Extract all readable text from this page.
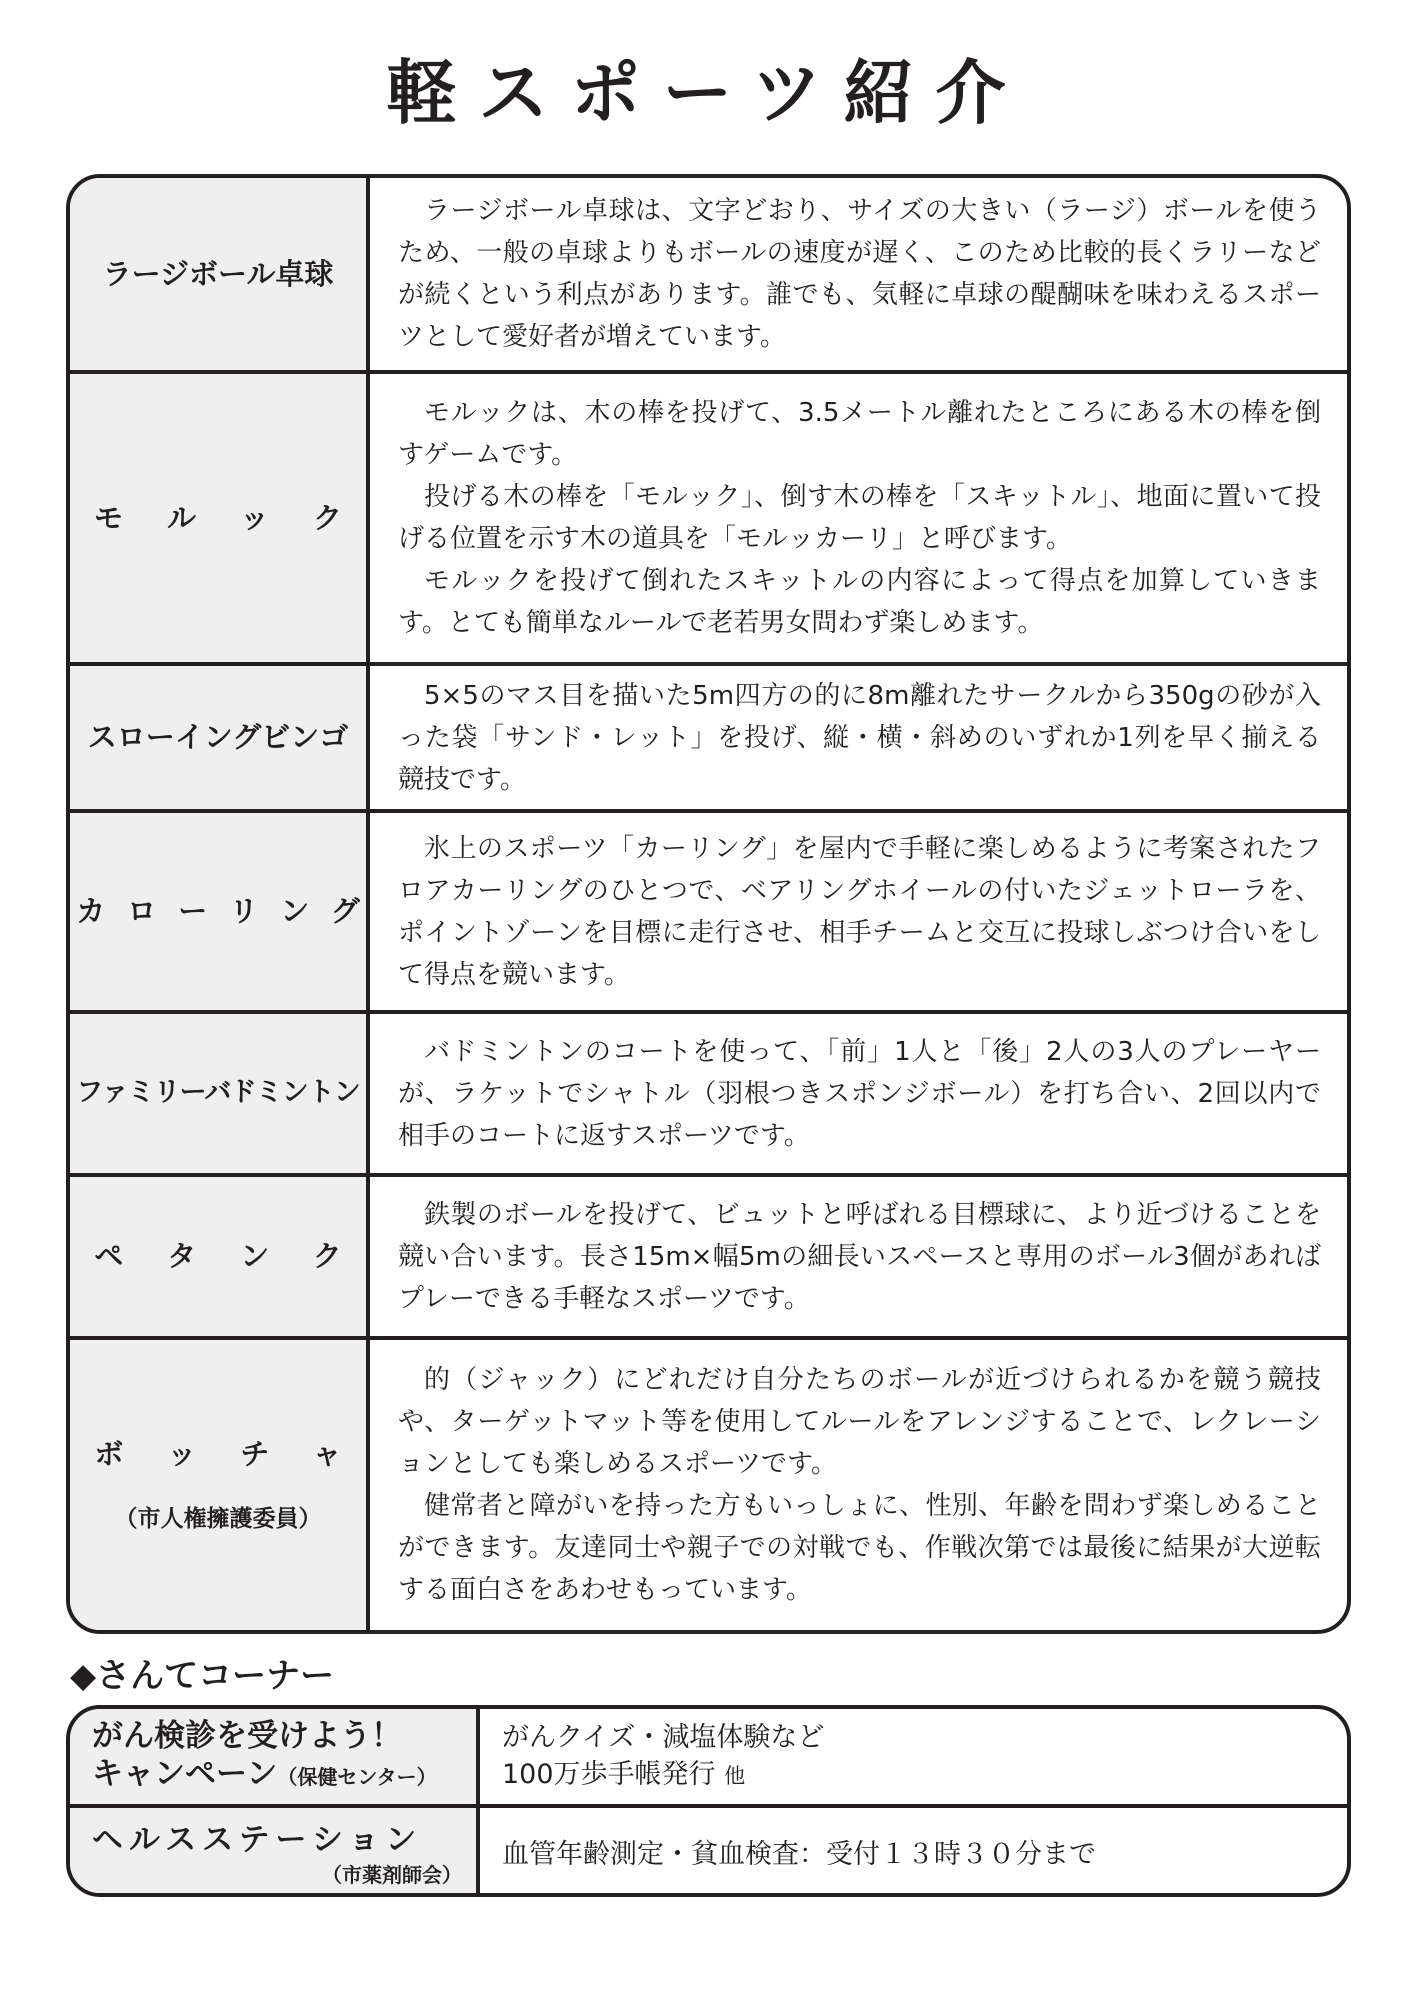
軽スポーツ紹介
ラージボール卓球

ラージボール卓球は、文字どおり、サイズの大きい（ラージ）ボールを使うため、一般の卓球よりもボールの速度が遅く、このため比較的長くラリーなどが続くという利点があります。誰でも、気軽に卓球の醍醐味を味わえるスポーツとして愛好者が増えています。

モルック

モルックは、木の棒を投げて、3.5メートル離れたところにある木の棒を倒すゲームです。

投げる木の棒を「モルック」、倒す木の棒を「スキットル」、地面に置いて投げる位置を示す木の道具を「モルッカーリ」と呼びます。

モルックを投げて倒れたスキットルの内容によって得点を加算していきます。とても簡単なルールで老若男女問わず楽しめます。

スローイングビンゴ

5×5のマス目を描いた5m四方の的に8m離れたサークルから350gの砂が入った袋「サンド・レット」を投げ、縦・横・斜めのいずれか1列を早く揃える競技です。

カローリング

氷上のスポーツ「カーリング」を屋内で手軽に楽しめるように考案されたフロアカーリングのひとつで、ベアリングホイールの付いたジェットローラを、ポイントゾーンを目標に走行させ、相手チームと交互に投球しぶつけ合いをして得点を競います。

ファミリーバドミントン

バドミントンのコートを使って、「前」1人と「後」2人の3人のプレーヤーが、ラケットでシャトル（羽根つきスポンジボール）を打ち合い、2回以内で相手のコートに返すスポーツです。

ペタンク

鉄製のボールを投げて、ビュットと呼ばれる目標球に、より近づけることを競い合います。長さ15m×幅5mの細長いスペースと専用のボール3個があればプレーできる手軽なスポーツです。

ボッチャ
（市人権擁護委員）

的（ジャック）にどれだけ自分たちのボールが近づけられるかを競う競技や、ターゲットマット等を使用してルールをアレンジすることで、レクレーションとしても楽しめるスポーツです。

健常者と障がいを持った方もいっしょに、性別、年齢を問わず楽しめることができます。友達同士や親子での対戦でも、作戦次第では最後に結果が大逆転する面白さをあわせもっています。

◆さんてコーナー
がん検診を受けよう！
キャンペーン（保健センター）
がんクイズ・減塩体験など
100万歩手帳発行 他
ヘルスステーション
（市薬剤師会）
血管年齢測定・貧血検査：受付１３時３０分まで
